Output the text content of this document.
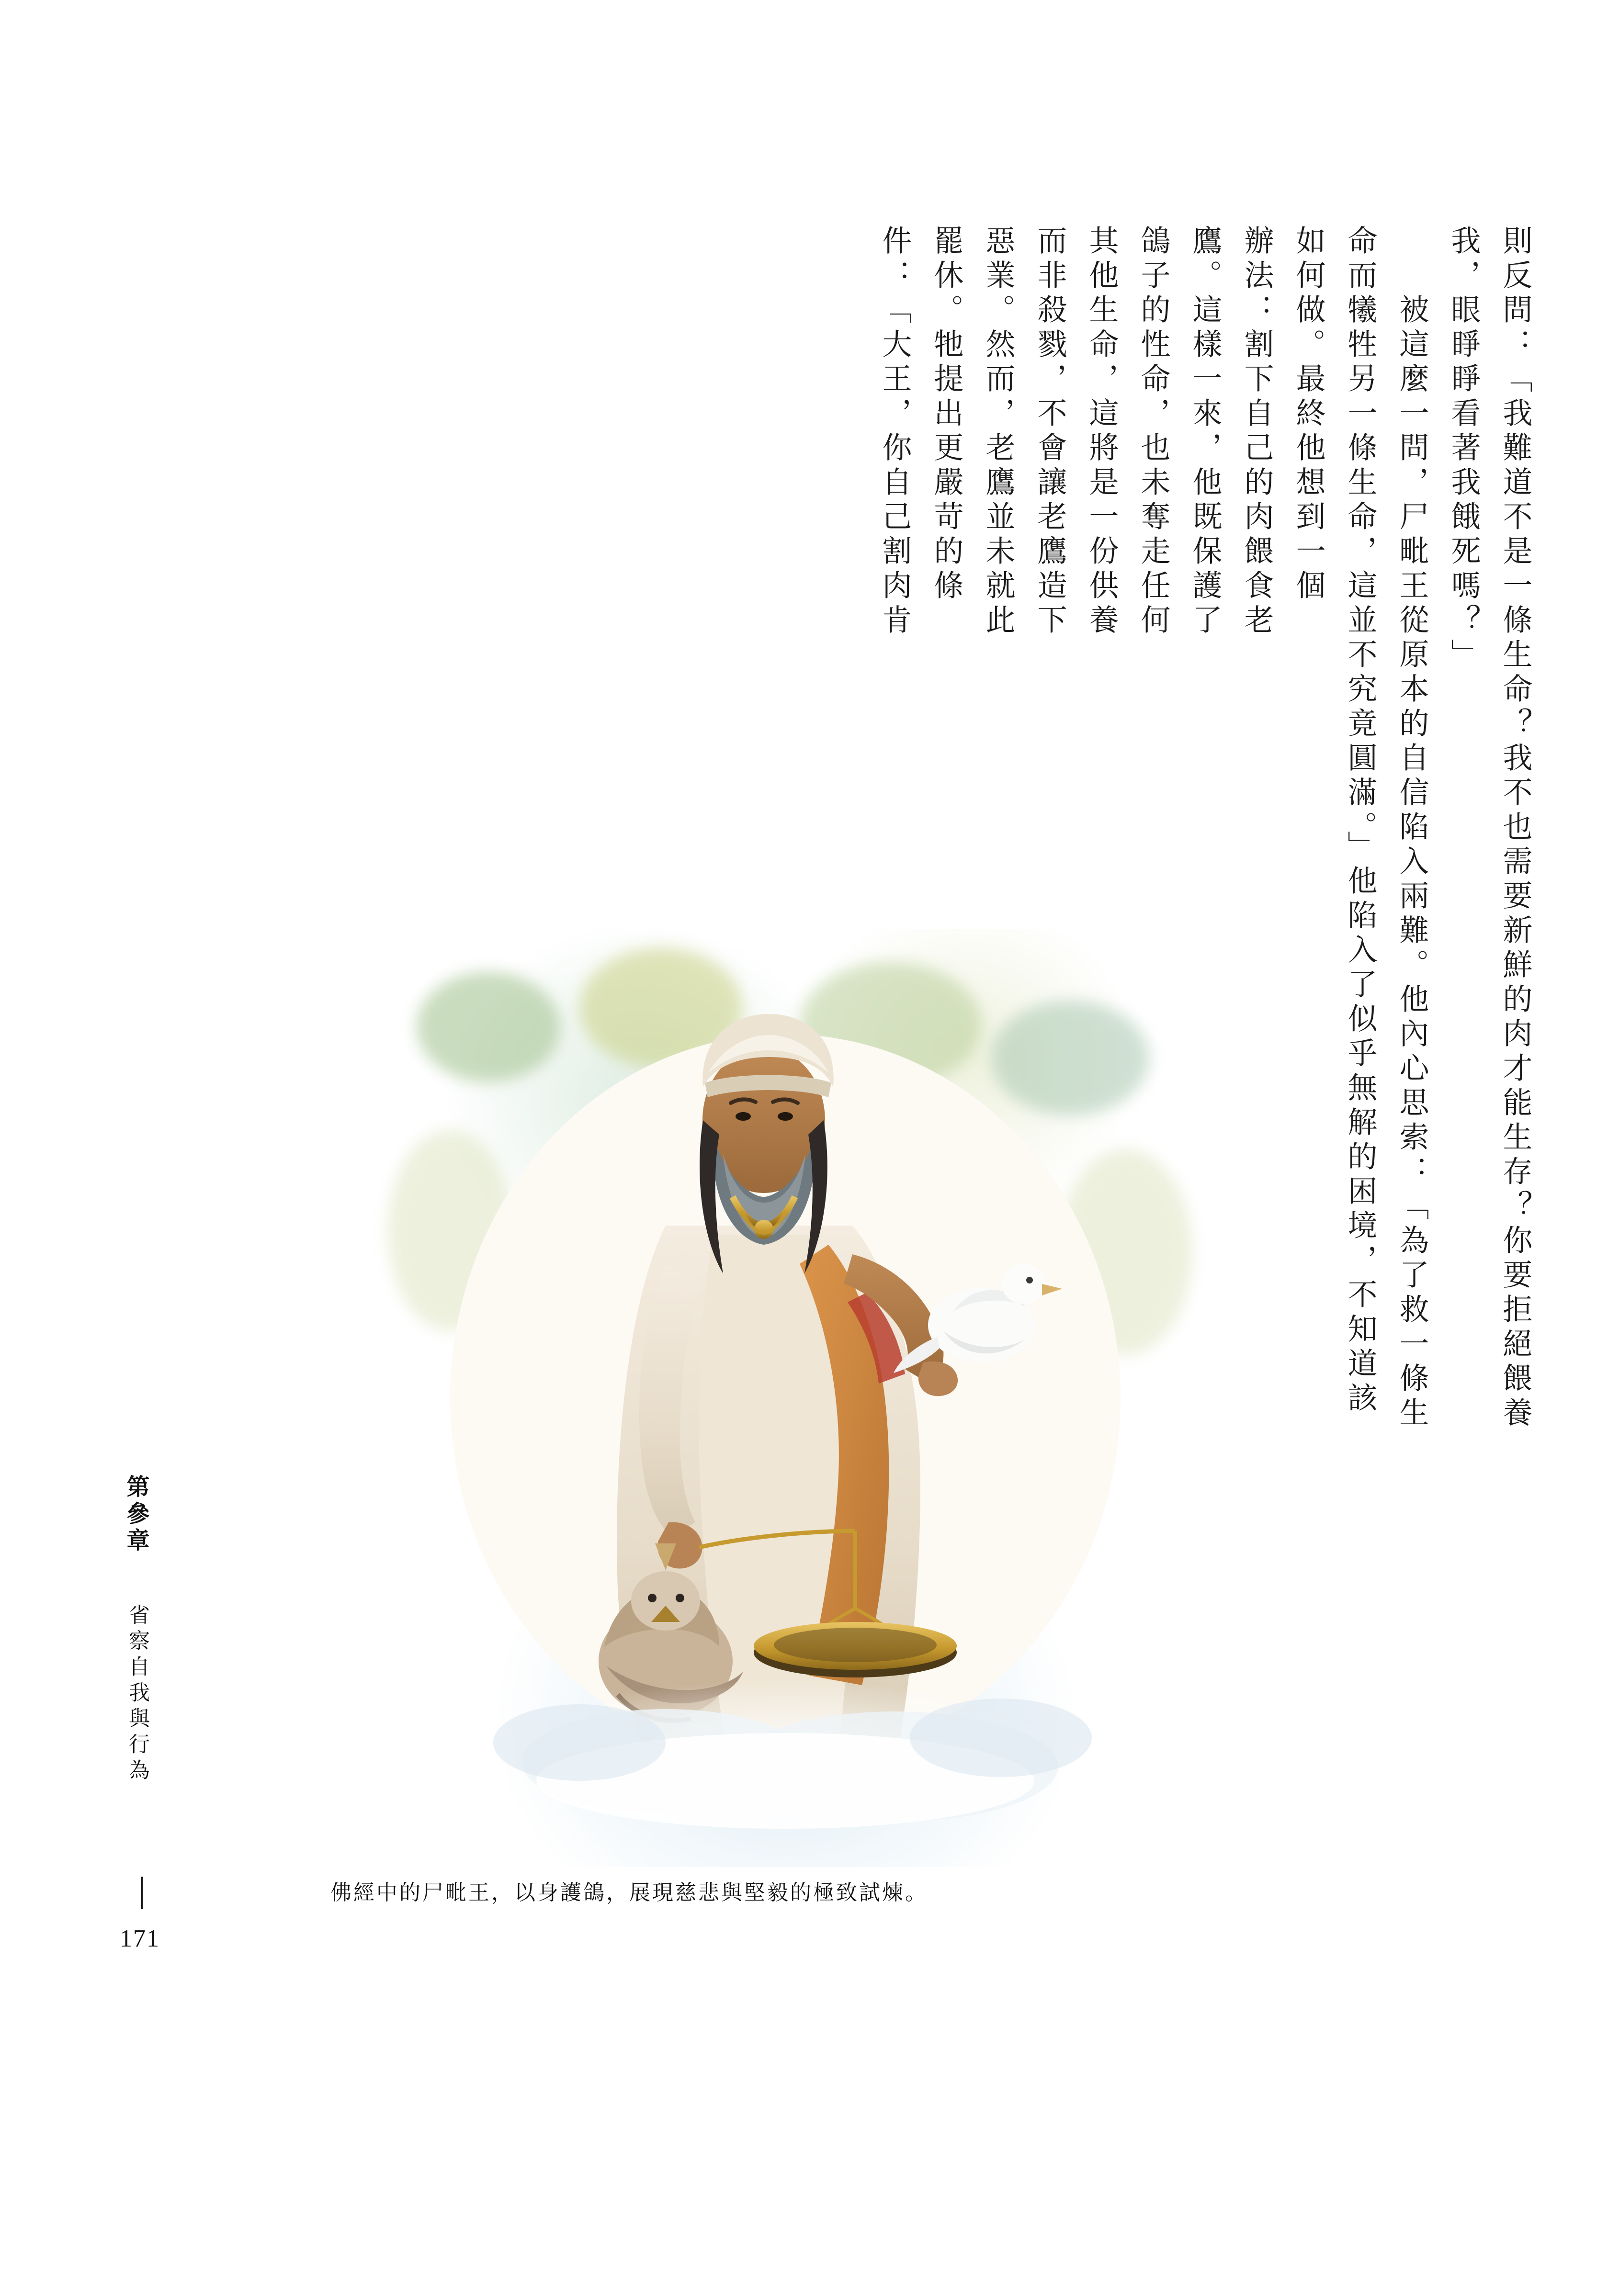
件：「大王，你自己割肉肯 罷休。牠提出更嚴苛的條 惡業。然而，老鷹並未就此 而非殺戮，不會讓老鷹造下 其他生命，這將是一份供養 鴿子的性命，也未奪走任何 鷹。這樣一來，他既保護了 辦法：割下自己的肉餵食老 如何做。最終他想到一個 命而犧牲另一條生命，這並不究竟圓滿。」他陷入了似乎無解的困境，不知道該 　　被這麼一問，尸毗王從原本的自信陷入兩難。他內心思索：「為了救一條生 我，眼睜睜看著我餓死嗎？」 則反問：「我難道不是一條生命？我不也需要新鮮的肉才能生存？你要拒絕餵養
佛經中的尸毗王，以身護鴿，展現慈悲與堅毅的極致試煉。
第參章
省察自我與行為
171
